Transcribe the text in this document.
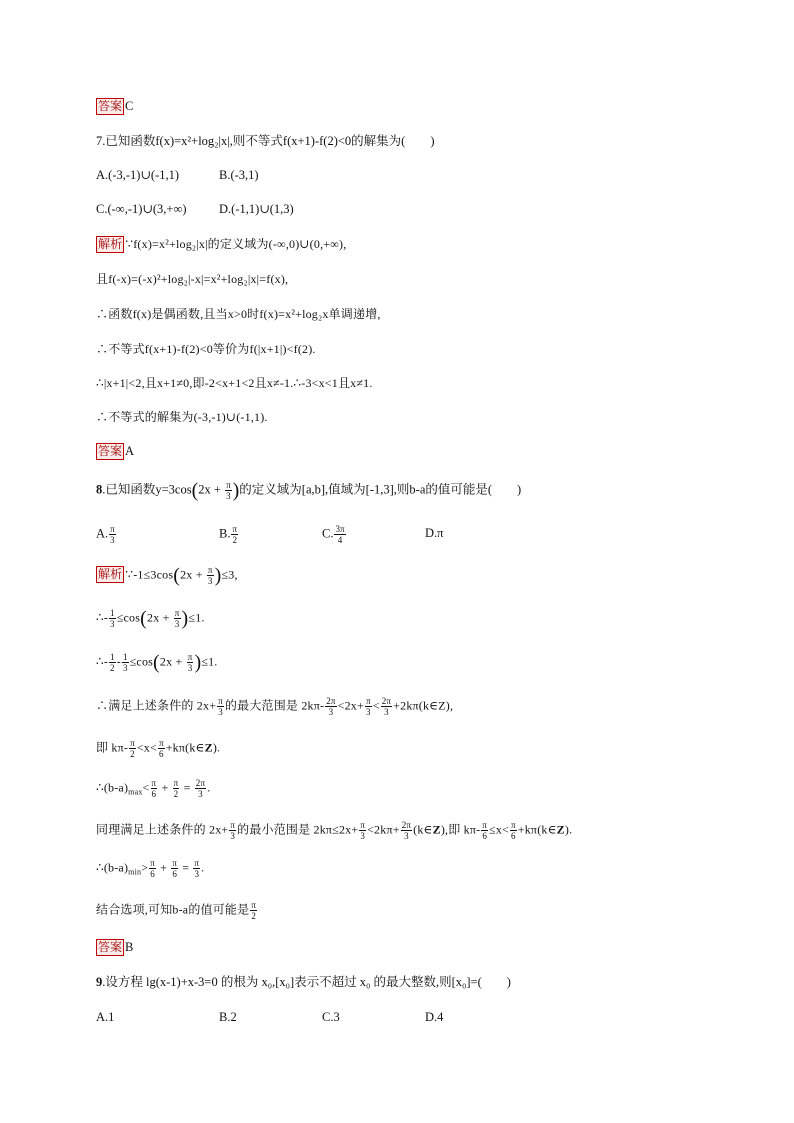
答案 C
7.已知函数f(x)=x²+log₂|x|,则不等式f(x+1)-f(2)<0的解集为(　　)
A.(-3,-1)∪(-1,1)	B.(-3,1)
C.(-∞,-1)∪(3,+∞)	D.(-1,1)∪(1,3)
解析 ∵f(x)=x²+log₂|x|的定义域为(-∞,0)∪(0,+∞),
且f(-x)=(-x)²+log₂|-x|=x²+log₂|x|=f(x),
∴函数f(x)是偶函数,且当x>0时f(x)=x²+log₂x单调递增,
∴不等式f(x+1)-f(2)<0等价为f(|x+1|)<f(2).
∴|x+1|<2,且x+1≠0,即-2<x+1<2且x≠-1.∴-3<x<1且x≠1.
∴不等式的解集为(-3,-1)∪(-1,1).
答案 A
8.已知函数$y=3\cos(2x + \frac{\pi}{3}$ )的定义域为[a,b],值域为[-1,3],则b-a的值可能是(　　)
A. $\frac{\pi}{3}$	B. $\frac{\pi}{2}$	C. $\frac{3\pi}{4}$	D.π
解析 ∵-1≤3cos(2x + $\frac{\pi}{3} )\le 3$,
∴- $\frac{1}{3} \le\cos(2x + \frac{\pi}{3} )\le 1$.
∴- $\frac{1}{2} - \frac{1}{3} \le\cos(2x + \frac{\pi}{3} )\le 1$.
∴满足上述条件的 $2x+ \frac{\pi}{3}$ 的最大范围是 $2k\pi- \frac{2\pi}{3} <2x+ \frac{\pi}{3} < \frac{2\pi}{3}$ +2kπ(k∈Z),
即 $k\pi- \frac{\pi}{2} <x< \frac{\pi}{6}$ +kπ(k∈Z).
$\therefore(b-a)_{max}< \frac{\pi}{6} + \frac{\pi}{2} = \frac{2\pi}{3}$ .
同理满足上述条件的 $2x+ \frac{\pi}{3}$ 的最小范围是 $2k\pi\le 2x+ \frac{\pi}{3} <2k\pi+ \frac{2\pi}{3}$ (k∈Z),即 $k\pi- \frac{\pi}{6} \le x< \frac{\pi}{6}$ +kπ(k∈Z).
$\therefore(b-a)_{min}> \frac{\pi}{6} + \frac{\pi}{6} = \frac{\pi}{3}$ .
结合选项,可知b-a的值可能是 $\frac{\pi}{2}$
答案 B
9.设方程 lg(x-1)+x-3=0 的根为 x₀,[x₀]表示不超过 x₀ 的最大整数,则[x₀]=(　　)
A.1	B.2	C.3	D.4
